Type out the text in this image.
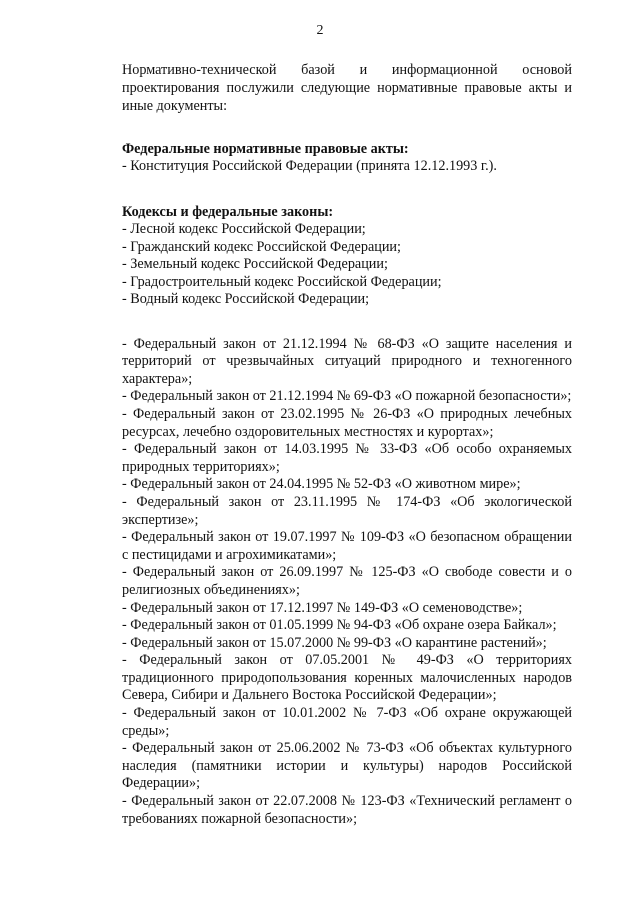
2
Нормативно-технической базой и информационной основой
проектирования послужили следующие нормативные правовые акты и иные документы:
Федеральные нормативные правовые акты:
- Конституция Российской Федерации (принята 12.12.1993 г.).
Кодексы и федеральные законы:
- Лесной кодекс Российской Федерации;
- Гражданский кодекс Российской Федерации;
- Земельный кодекс Российской Федерации;
- Градостроительный кодекс Российской Федерации;
- Водный кодекс Российской Федерации;
- Федеральный закон от 21.12.1994 № 68-ФЗ «О защите населения и территорий от чрезвычайных ситуаций природного и техногенного характера»;
- Федеральный закон от 21.12.1994 № 69-ФЗ «О пожарной безопасности»;
- Федеральный закон от 23.02.1995 № 26-ФЗ «О природных лечебных ресурсах, лечебно оздоровительных местностях и курортах»;
- Федеральный закон от 14.03.1995 № 33-ФЗ «Об особо охраняемых природных территориях»;
- Федеральный закон от 24.04.1995 № 52-ФЗ «О животном мире»;
- Федеральный закон от 23.11.1995 № 174-ФЗ «Об экологической экспертизе»;
- Федеральный закон от 19.07.1997 № 109-ФЗ «О безопасном обращении с пестицидами и агрохимикатами»;
- Федеральный закон от 26.09.1997 № 125-ФЗ «О свободе совести и о религиозных объединениях»;
- Федеральный закон от 17.12.1997 № 149-ФЗ «О семеноводстве»;
- Федеральный закон от 01.05.1999 № 94-ФЗ «Об охране озера Байкал»;
- Федеральный закон от 15.07.2000 № 99-ФЗ «О карантине растений»;
- Федеральный закон от 07.05.2001 № 49-ФЗ «О территориях традиционного природопользования коренных малочисленных народов Севера, Сибири и Дальнего Востока Российской Федерации»;
- Федеральный закон от 10.01.2002 № 7-ФЗ «Об охране окружающей среды»;
- Федеральный закон от 25.06.2002 № 73-ФЗ «Об объектах культурного наследия (памятники истории и культуры) народов Российской Федерации»;
- Федеральный закон от 22.07.2008 № 123-ФЗ «Технический регламент о требованиях пожарной безопасности»;
